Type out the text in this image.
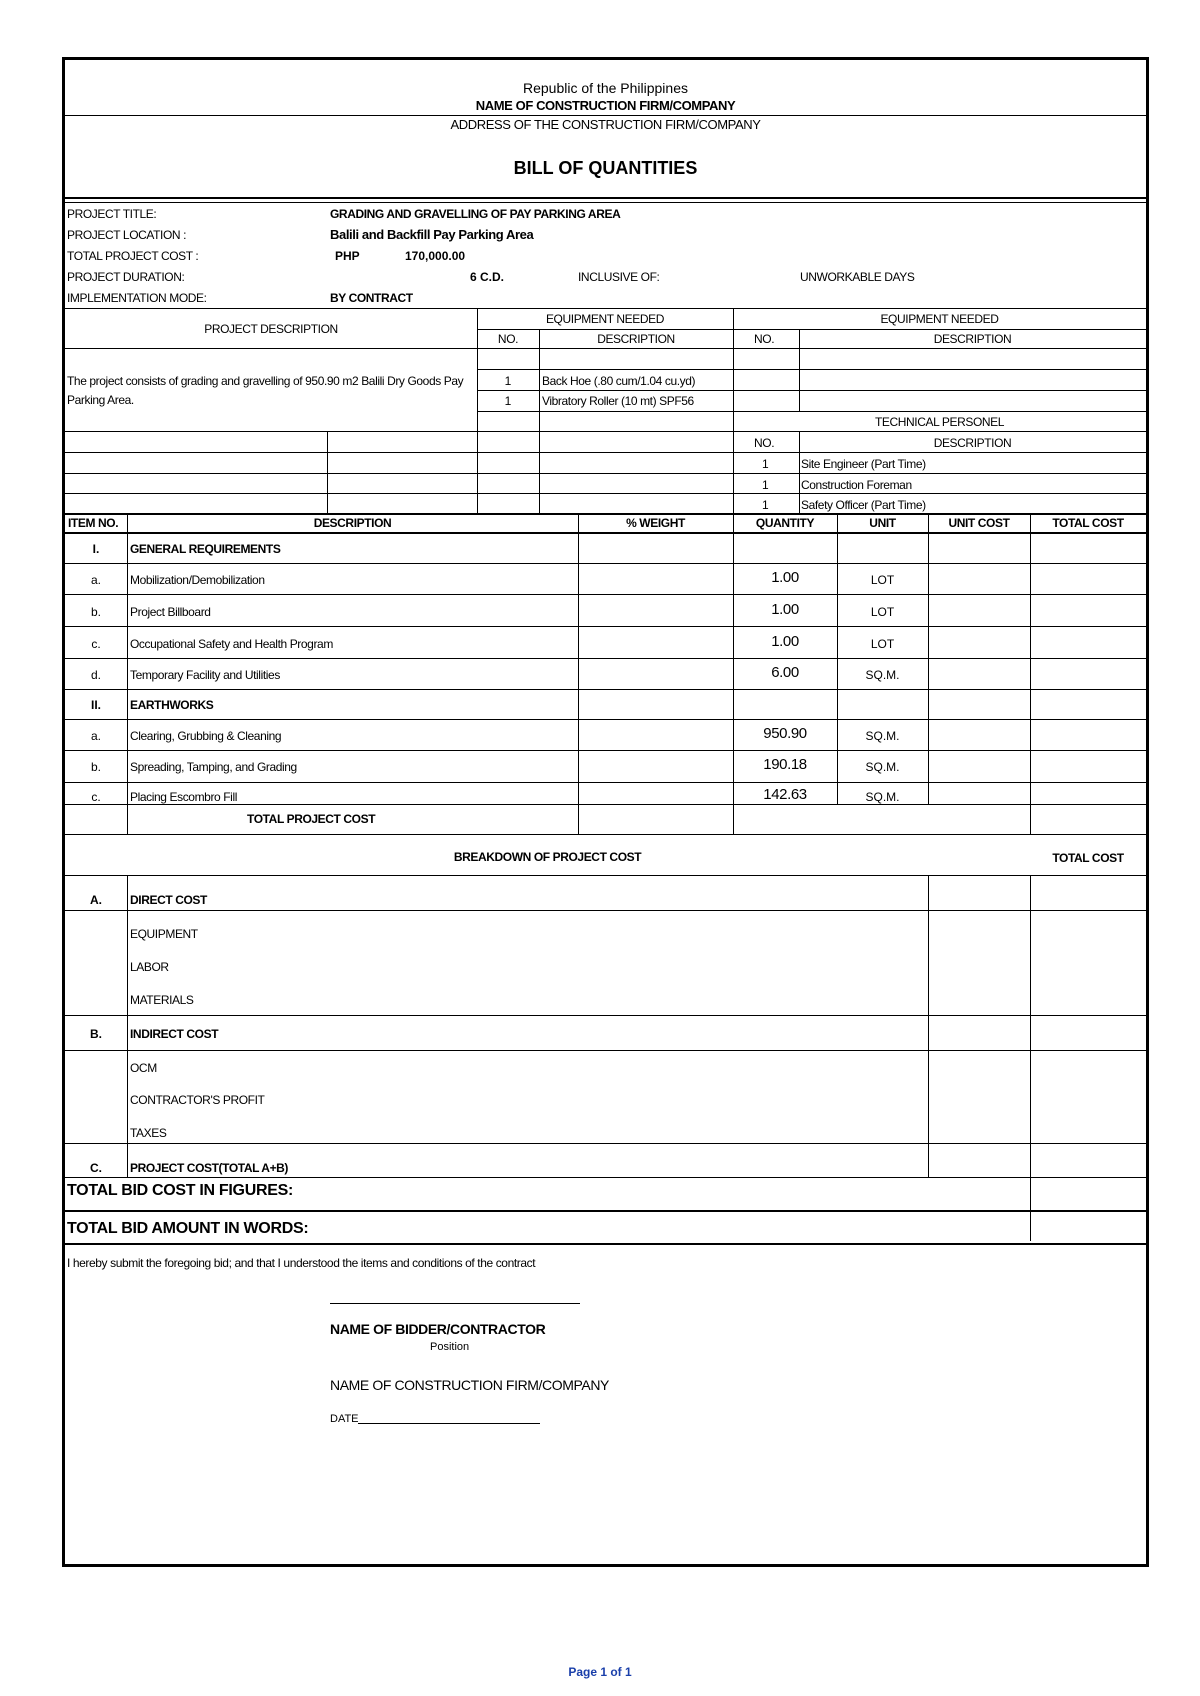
Republic of the Philippines
NAME OF CONSTRUCTION FIRM/COMPANY
ADDRESS OF THE CONSTRUCTION FIRM/COMPANY
BILL OF QUANTITIES
PROJECT TITLE:	GRADING AND GRAVELLING OF PAY PARKING AREA
PROJECT LOCATION :	Balili and Backfill Pay Parking Area
TOTAL PROJECT COST :	PHP	170,000.00
PROJECT DURATION:	6 C.D.	INCLUSIVE OF:	UNWORKABLE DAYS
IMPLEMENTATION MODE:	BY CONTRACT
PROJECT DESCRIPTION
The project consists of grading and gravelling of 950.90 m2 Balili Dry Goods Pay Parking Area.
EQUIPMENT NEEDED
NO.	DESCRIPTION
1	Back Hoe (.80 cum/1.04 cu.yd)
1	Vibratory Roller (10 mt) SPF56
EQUIPMENT NEEDED
NO.	DESCRIPTION
TECHNICAL PERSONEL
NO.	DESCRIPTION
1	Site Engineer (Part Time)
1	Construction Foreman
1	Safety Officer (Part Time)
ITEM NO.	DESCRIPTION	% WEIGHT	QUANTITY	UNIT	UNIT COST	TOTAL COST
I.	GENERAL REQUIREMENTS
a.	Mobilization/Demobilization	1.00	LOT
b.	Project Billboard	1.00	LOT
c.	Occupational Safety and Health Program	1.00	LOT
d.	Temporary Facility and Utilities	6.00	SQ.M.
II.	EARTHWORKS
a.	Clearing, Grubbing & Cleaning	950.90	SQ.M.
b.	Spreading, Tamping, and Grading	190.18	SQ.M.
c.	Placing Escombro Fill	142.63	SQ.M.
TOTAL PROJECT COST
BREAKDOWN OF PROJECT COST	TOTAL COST
A.	DIRECT COST
EQUIPMENT
LABOR
MATERIALS
B.	INDIRECT COST
OCM
CONTRACTOR'S PROFIT
TAXES
C.	PROJECT COST(TOTAL A+B)
TOTAL BID COST IN FIGURES:
TOTAL BID AMOUNT IN WORDS:
I hereby submit the foregoing bid; and that I understood the items and conditions of the contract
NAME OF BIDDER/CONTRACTOR
Position
NAME OF CONSTRUCTION FIRM/COMPANY
DATE
Page 1 of 1
